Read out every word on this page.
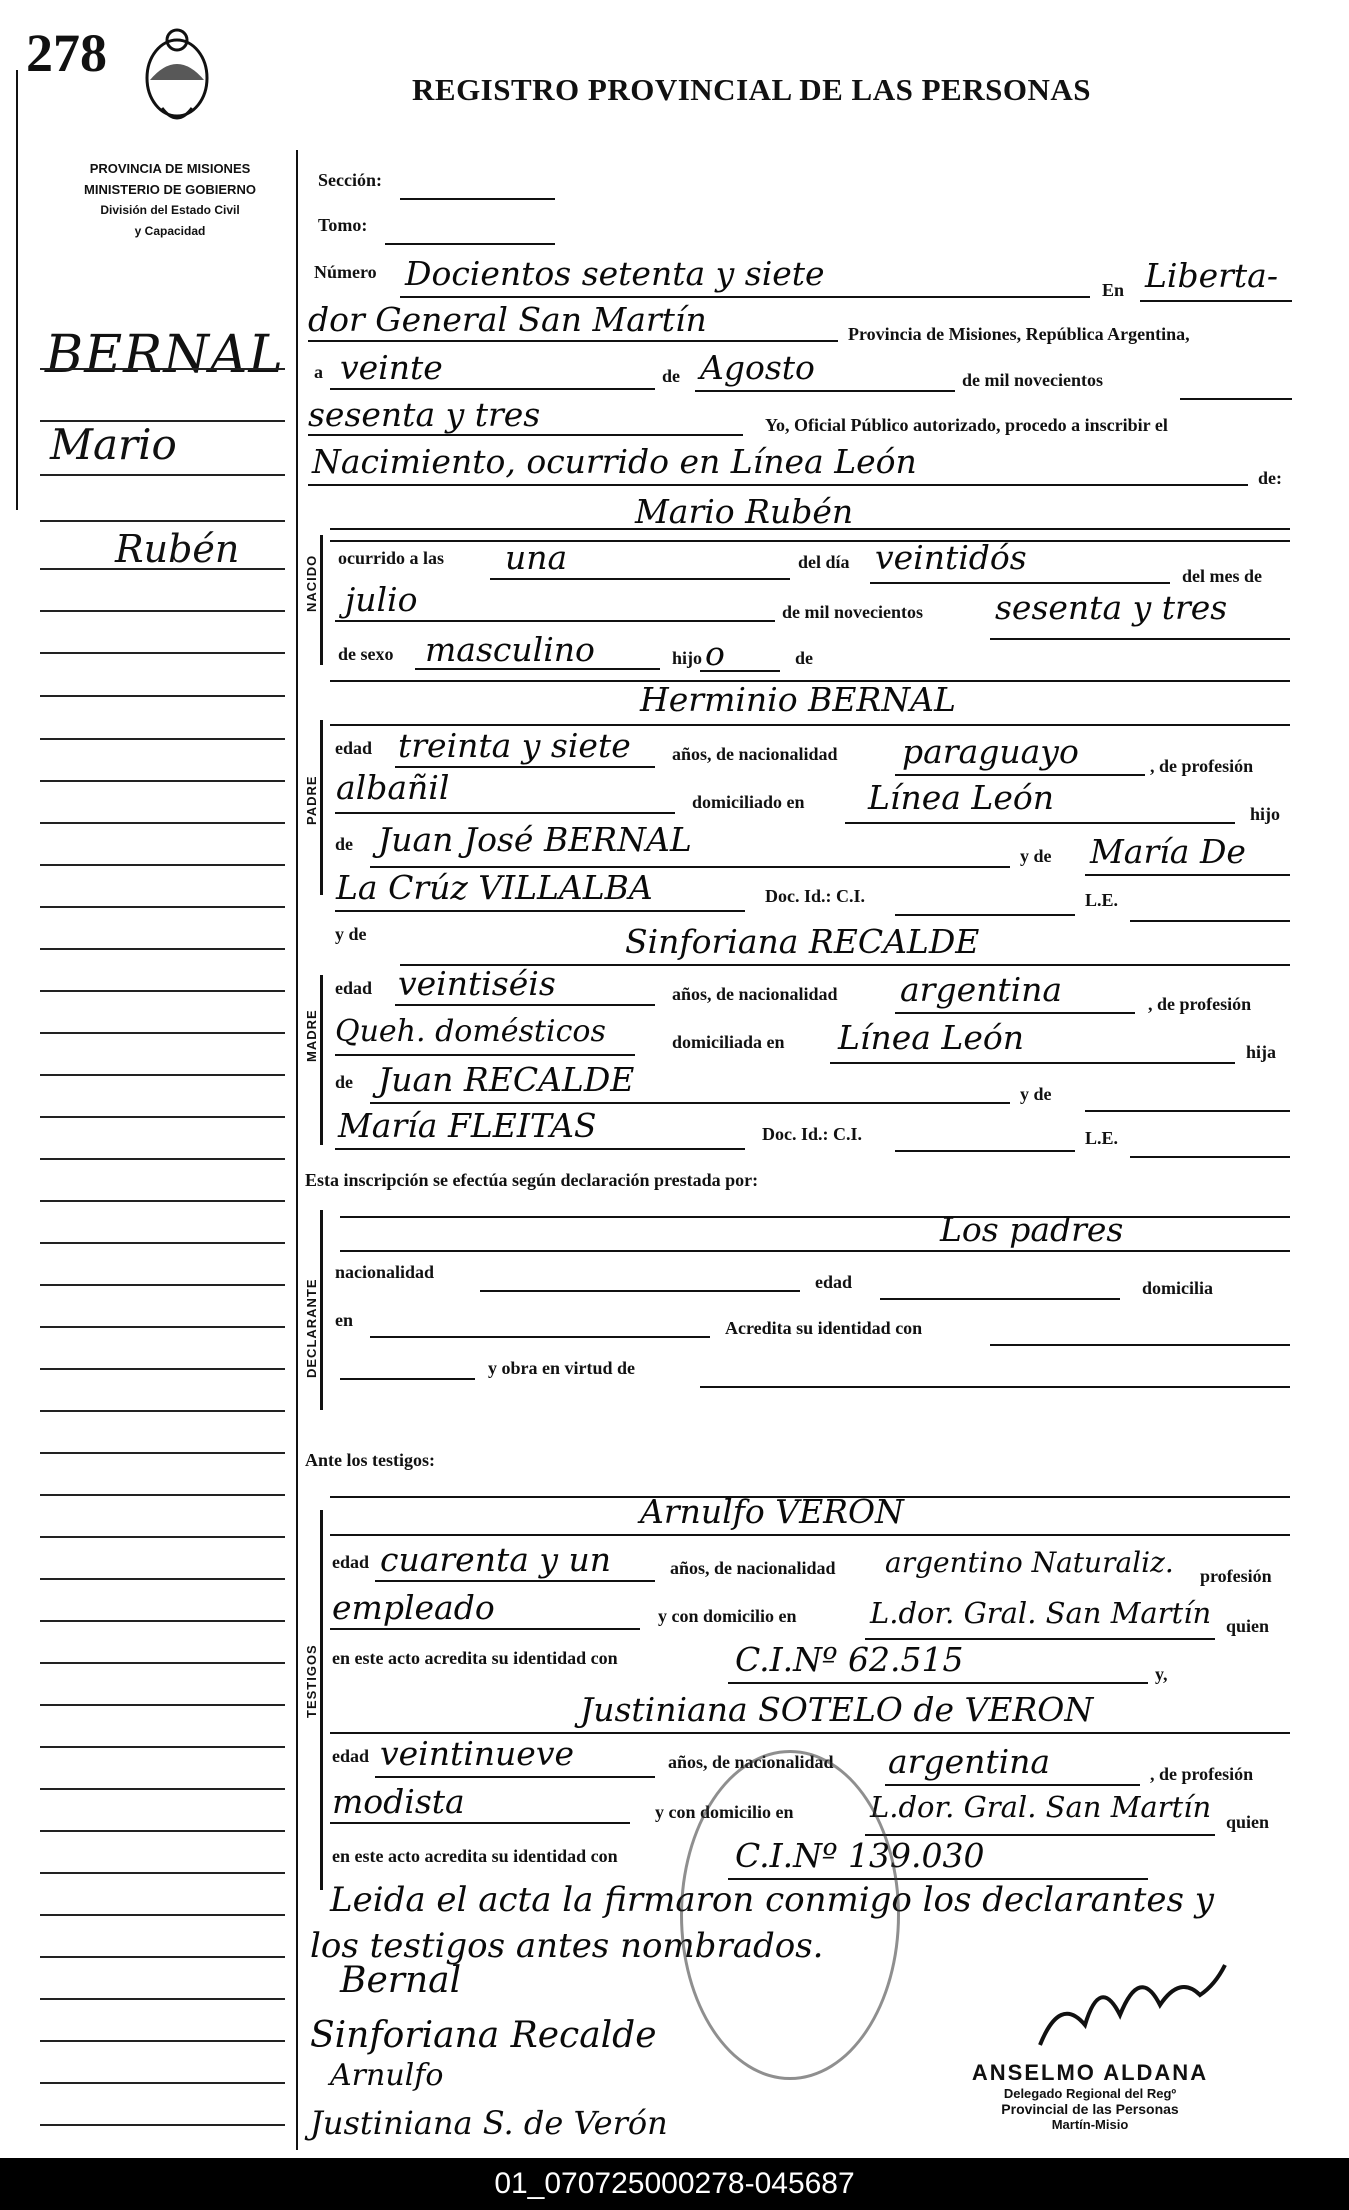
278
REGISTRO PROVINCIAL DE LAS PERSONAS
PROVINCIA DE MISIONES
MINISTERIO DE GOBIERNO
División del Estado Civil
y Capacidad
BERNAL
Mario
Rubén
Sección:
Tomo:
Número Docientos setenta y siete	En Liberta-
dor General San Martín	Provincia de Misiones, República Argentina,
a veinte	de Agosto	de mil novecientos
sesenta y tres	Yo, Oficial Público autorizado, procedo a inscribir el
Nacimiento, ocurrido en Línea León	de:
NACIDO
Mario Rubén
ocurrido a las una	del día veintidós	del mes de
julio	de mil novecientos sesenta y tres
de sexo masculino	hijo o	de
PADRE
Herminio BERNAL
edad treinta y siete años, de nacionalidad paraguayo	, de profesión
albañil	domiciliado en Línea León	hijo
de Juan José BERNAL	y de María De
La Crúz VILLALBA	Doc. Id.: C.I.	L.E.
MADRE
y de	Sinforiana RECALDE
edad veintiséis	años, de nacionalidad argentina	, de profesión
Queh. domésticos	domiciliada en Línea León	hija
de Juan RECALDE	y de
María FLEITAS	Doc. Id.: C.I.	L.E.
Esta inscripción se efectúa según declaración prestada por:
DECLARANTE
Los padres
nacionalidad	edad	domicilia
en	Acredita su identidad con
y obra en virtud de
Ante los testigos:
TESTIGOS
Arnulfo VERON
edad cuarenta y un	años, de nacionalidad argentino Naturaliz. profesión
empleado	y con domicilio en	L.dor. Gral. San Martín quien
en este acto acredita su identidad con	C.I.Nº 62.515	y,
Justiniana SOTELO de VERON
edad veintinueve	años, de nacionalidad argentina	, de profesión
modista	y con domicilio en	L.dor. Gral. San Martín quien
en este acto acredita su identidad con	C.I.Nº 139.030
Leida el acta la firmaron conmigo los declarantes y
los testigos antes nombrados.
Bernal
Sinforiana Recalde
Arnulfo
Justiniana S. de Verón
ANSELMO ALDANA
Delegado Regional del Regº
Provincial de las Personas
Martín-Misio
01_070725000278-045687
